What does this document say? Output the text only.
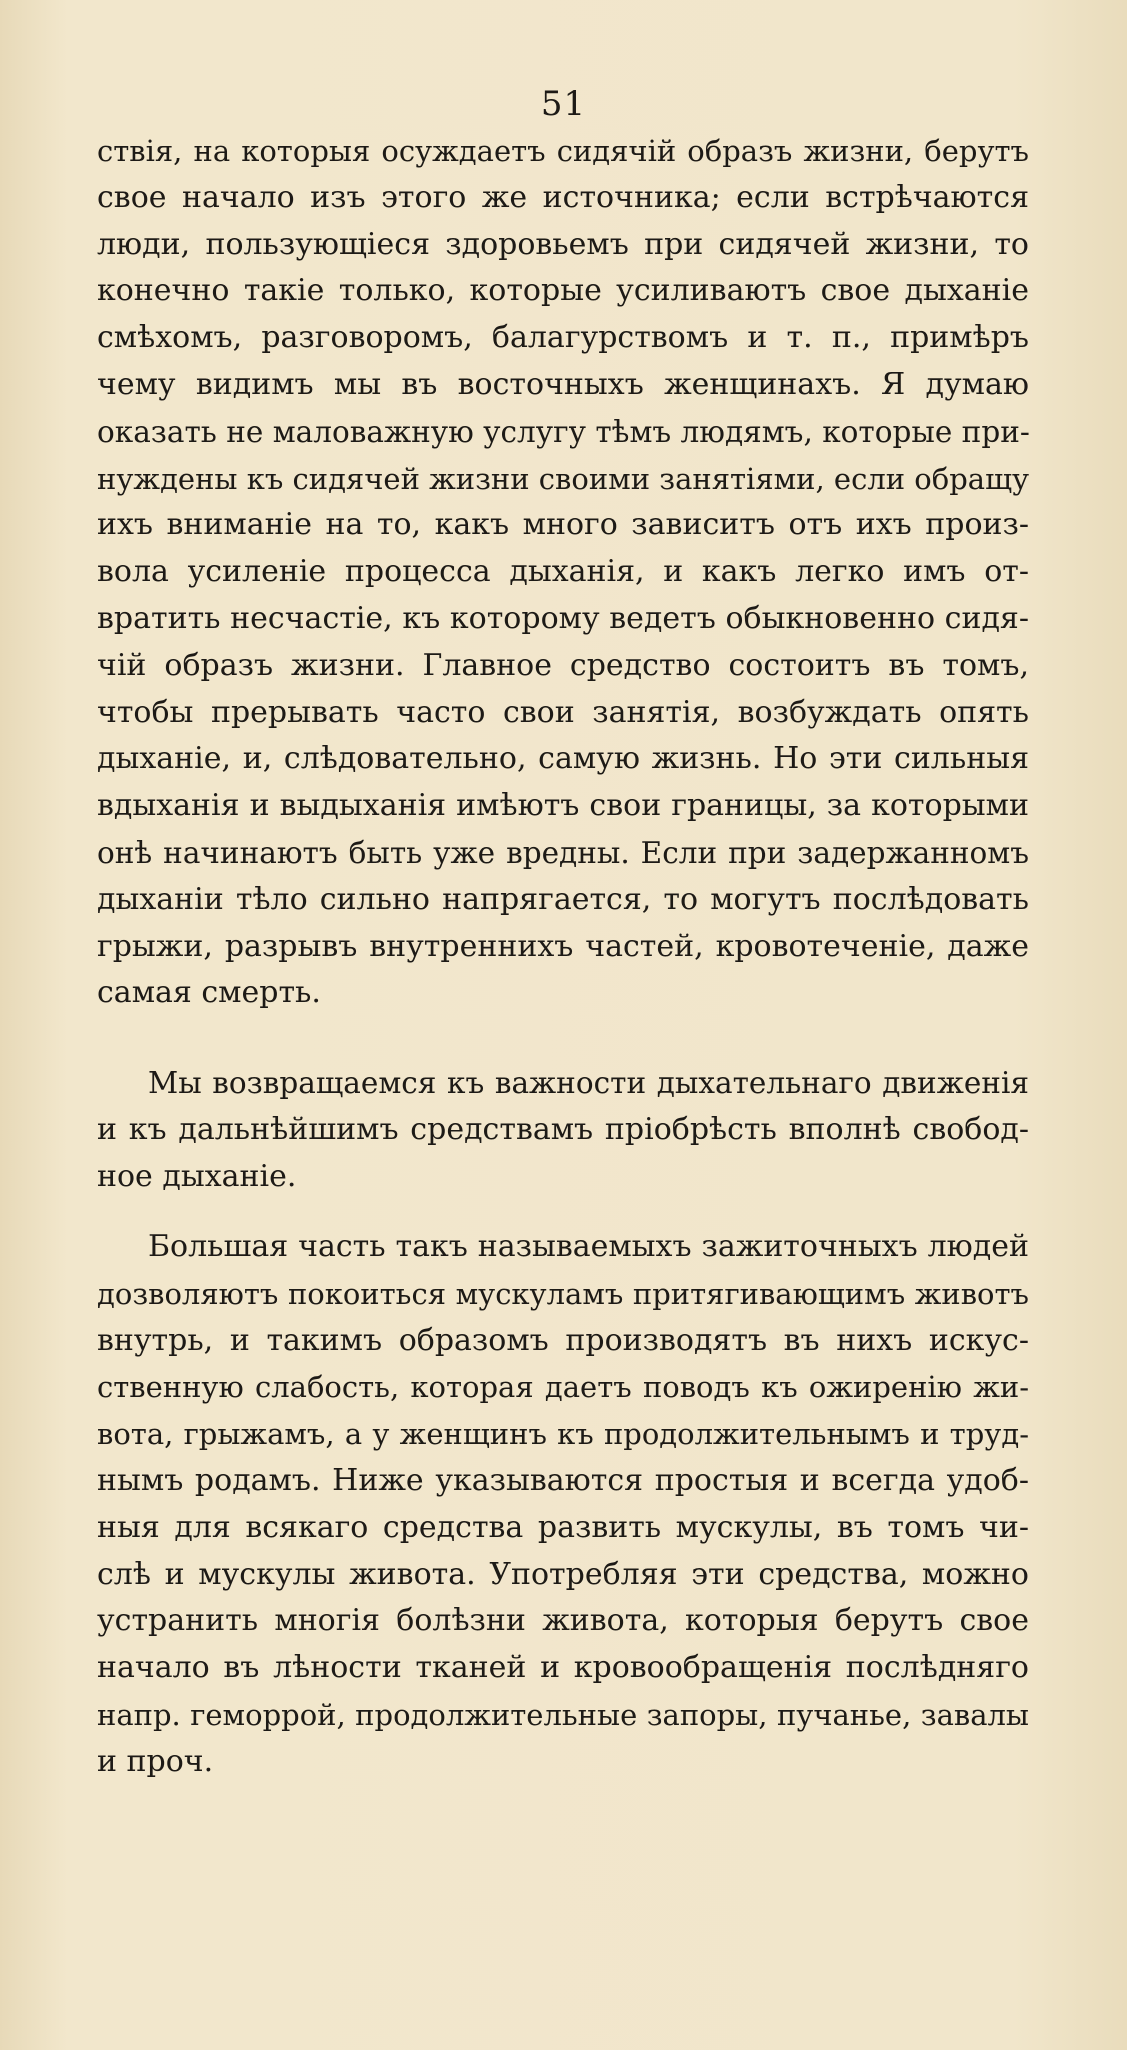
51
ствія, на которыя осуждаетъ сидячій образъ жизни, берутъ
свое начало изъ этого же источника; если встрѣчаются
люди, пользующіеся здоровьемъ при сидячей жизни, то
конечно такіе только, которые усиливаютъ свое дыханіе
смѣхомъ, разговоромъ, балагурствомъ и т. п., примѣръ
чему видимъ мы въ восточныхъ женщинахъ. Я думаю
оказать не маловажную услугу тѣмъ людямъ, которые при-
нуждены къ сидячей жизни своими занятіями, если обращу
ихъ вниманіе на то, какъ много зависитъ отъ ихъ произ-
вола усиленіе процесса дыханія, и какъ легко имъ от-
вратить несчастіе, къ которому ведетъ обыкновенно сидя-
чій образъ жизни. Главное средство состоитъ въ томъ,
чтобы прерывать часто свои занятія, возбуждать опять
дыханіе, и, слѣдовательно, самую жизнь. Но эти сильныя
вдыханія и выдыханія имѣютъ свои границы, за которыми
онѣ начинаютъ быть уже вредны. Если при задержанномъ
дыханіи тѣло сильно напрягается, то могутъ послѣдовать
грыжи, разрывъ внутреннихъ частей, кровотеченіе, даже
самая смерть.
Мы возвращаемся къ важности дыхательнаго движенія
и къ дальнѣйшимъ средствамъ пріобрѣсть вполнѣ свобод-
ное дыханіе.
Большая часть такъ называемыхъ зажиточныхъ людей
дозволяютъ покоиться мускуламъ притягивающимъ животъ
внутрь, и такимъ образомъ производятъ въ нихъ искус-
ственную слабость, которая даетъ поводъ къ ожиренію жи-
вота, грыжамъ, а у женщинъ къ продолжительнымъ и труд-
нымъ родамъ. Ниже указываются простыя и всегда удоб-
ныя для всякаго средства развить мускулы, въ томъ чи-
слѣ и мускулы живота. Употребляя эти средства, можно
устранить многія болѣзни живота, которыя берутъ свое
начало въ лѣности тканей и кровообращенія послѣдняго
напр. геморрой, продолжительные запоры, пучанье, завалы
и проч.
